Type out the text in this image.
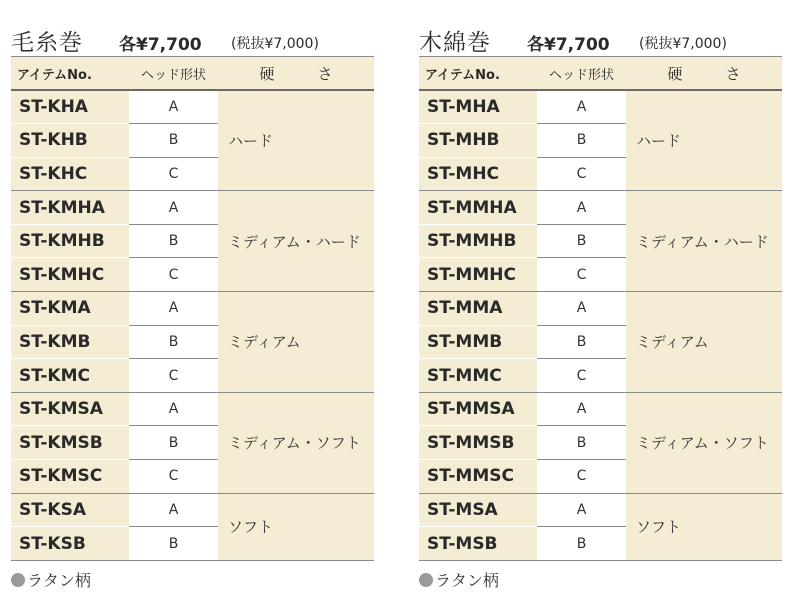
毛糸巻 各¥7,700 (税抜¥7,000)
アイテムNo.	ヘッド形状	硬　さ
ST-KHA	A	ハード
ST-KHB	B	
ST-KHC	C	
ST-KMHA	A	ミディアム・ハード
ST-KMHB	B	
ST-KMHC	C	
ST-KMA	A	ミディアム
ST-KMB	B	
ST-KMC	C	
ST-KMSA	A	ミディアム・ソフト
ST-KMSB	B	
ST-KMSC	C	
ST-KSA	A	ソフト
ST-KSB	B	
木綿巻 各¥7,700 (税抜¥7,000)
アイテムNo.	ヘッド形状	硬　さ
ST-MHA	A	ハード
ST-MHB	B	
ST-MHC	C	
ST-MMHA	A	ミディアム・ハード
ST-MMHB	B	
ST-MMHC	C	
ST-MMA	A	ミディアム
ST-MMB	B	
ST-MMC	C	
ST-MMSA	A	ミディアム・ソフト
ST-MMSB	B	
ST-MMSC	C	
ST-MSA	A	ソフト
ST-MSB	B	
ラタン柄	ラタン柄
